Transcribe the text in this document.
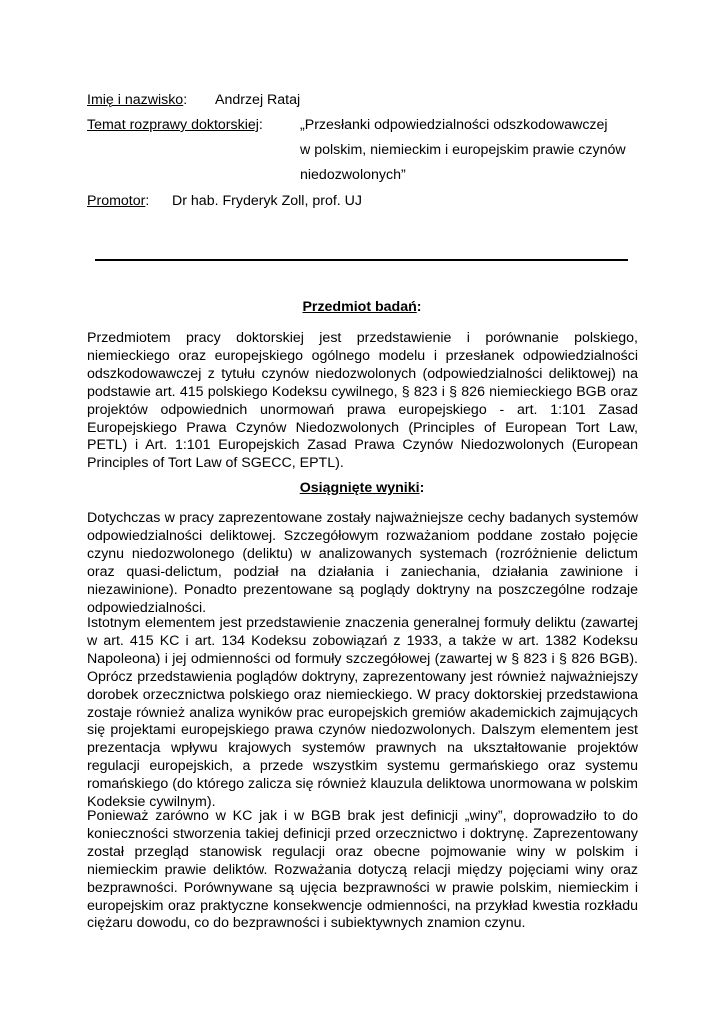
Imię i nazwisko: Andrzej Rataj
Temat rozprawy doktorskiej:	„Przesłanki odpowiedzialności odszkodowawczej
w polskim, niemieckim i europejskim prawie czynów
niedozwolonych”
Promotor: Dr hab. Fryderyk Zoll, prof. UJ
Przedmiot badań:
Przedmiotem pracy doktorskiej jest przedstawienie i porównanie polskiego, niemieckiego oraz europejskiego ogólnego modelu i przesłanek odpowiedzialności odszkodowawczej z tytułu czynów niedozwolonych (odpowiedzialności deliktowej) na podstawie art. 415 polskiego Kodeksu cywilnego, § 823 i § 826 niemieckiego BGB oraz projektów odpowiednich unormowań prawa europejskiego - art. 1:101 Zasad Europejskiego Prawa Czynów Niedozwolonych (Principles of European Tort Law, PETL) i Art. 1:101 Europejskich Zasad Prawa Czynów Niedozwolonych (European Principles of Tort Law of SGECC, EPTL).
Osiągnięte wyniki:
Dotychczas w pracy zaprezentowane zostały najważniejsze cechy badanych systemów odpowiedzialności deliktowej. Szczegółowym rozważaniom poddane zostało pojęcie czynu niedozwolonego (deliktu) w analizowanych systemach (rozróżnienie delictum oraz quasi-delictum, podział na działania i zaniechania, działania zawinione i niezawinione). Ponadto prezentowane są poglądy doktryny na poszczególne rodzaje odpowiedzialności.
Istotnym elementem jest przedstawienie znaczenia generalnej formuły deliktu (zawartej w art. 415 KC i art. 134 Kodeksu zobowiązań z 1933, a także w art. 1382 Kodeksu Napoleona) i jej odmienności od formuły szczegółowej (zawartej w § 823 i § 826 BGB). Oprócz przedstawienia poglądów doktryny, zaprezentowany jest również najważniejszy dorobek orzecznictwa polskiego oraz niemieckiego. W pracy doktorskiej przedstawiona zostaje również analiza wyników prac europejskich gremiów akademickich zajmujących się projektami europejskiego prawa czynów niedozwolonych. Dalszym elementem jest prezentacja wpływu krajowych systemów prawnych na ukształtowanie projektów regulacji europejskich, a przede wszystkim systemu germańskiego oraz systemu romańskiego (do którego zalicza się również klauzula deliktowa unormowana w polskim Kodeksie cywilnym).
Ponieważ zarówno w KC jak i w BGB brak jest definicji „winy”, doprowadziło to do konieczności stworzenia takiej definicji przed orzecznictwo i doktrynę. Zaprezentowany został przegląd stanowisk regulacji oraz obecne pojmowanie winy w polskim i niemieckim prawie deliktów. Rozważania dotyczą relacji między pojęciami winy oraz bezprawności. Porównywane są ujęcia bezprawności w prawie polskim, niemieckim i europejskim oraz praktyczne konsekwencje odmienności, na przykład kwestia rozkładu ciężaru dowodu, co do bezprawności i subiektywnych znamion czynu.
